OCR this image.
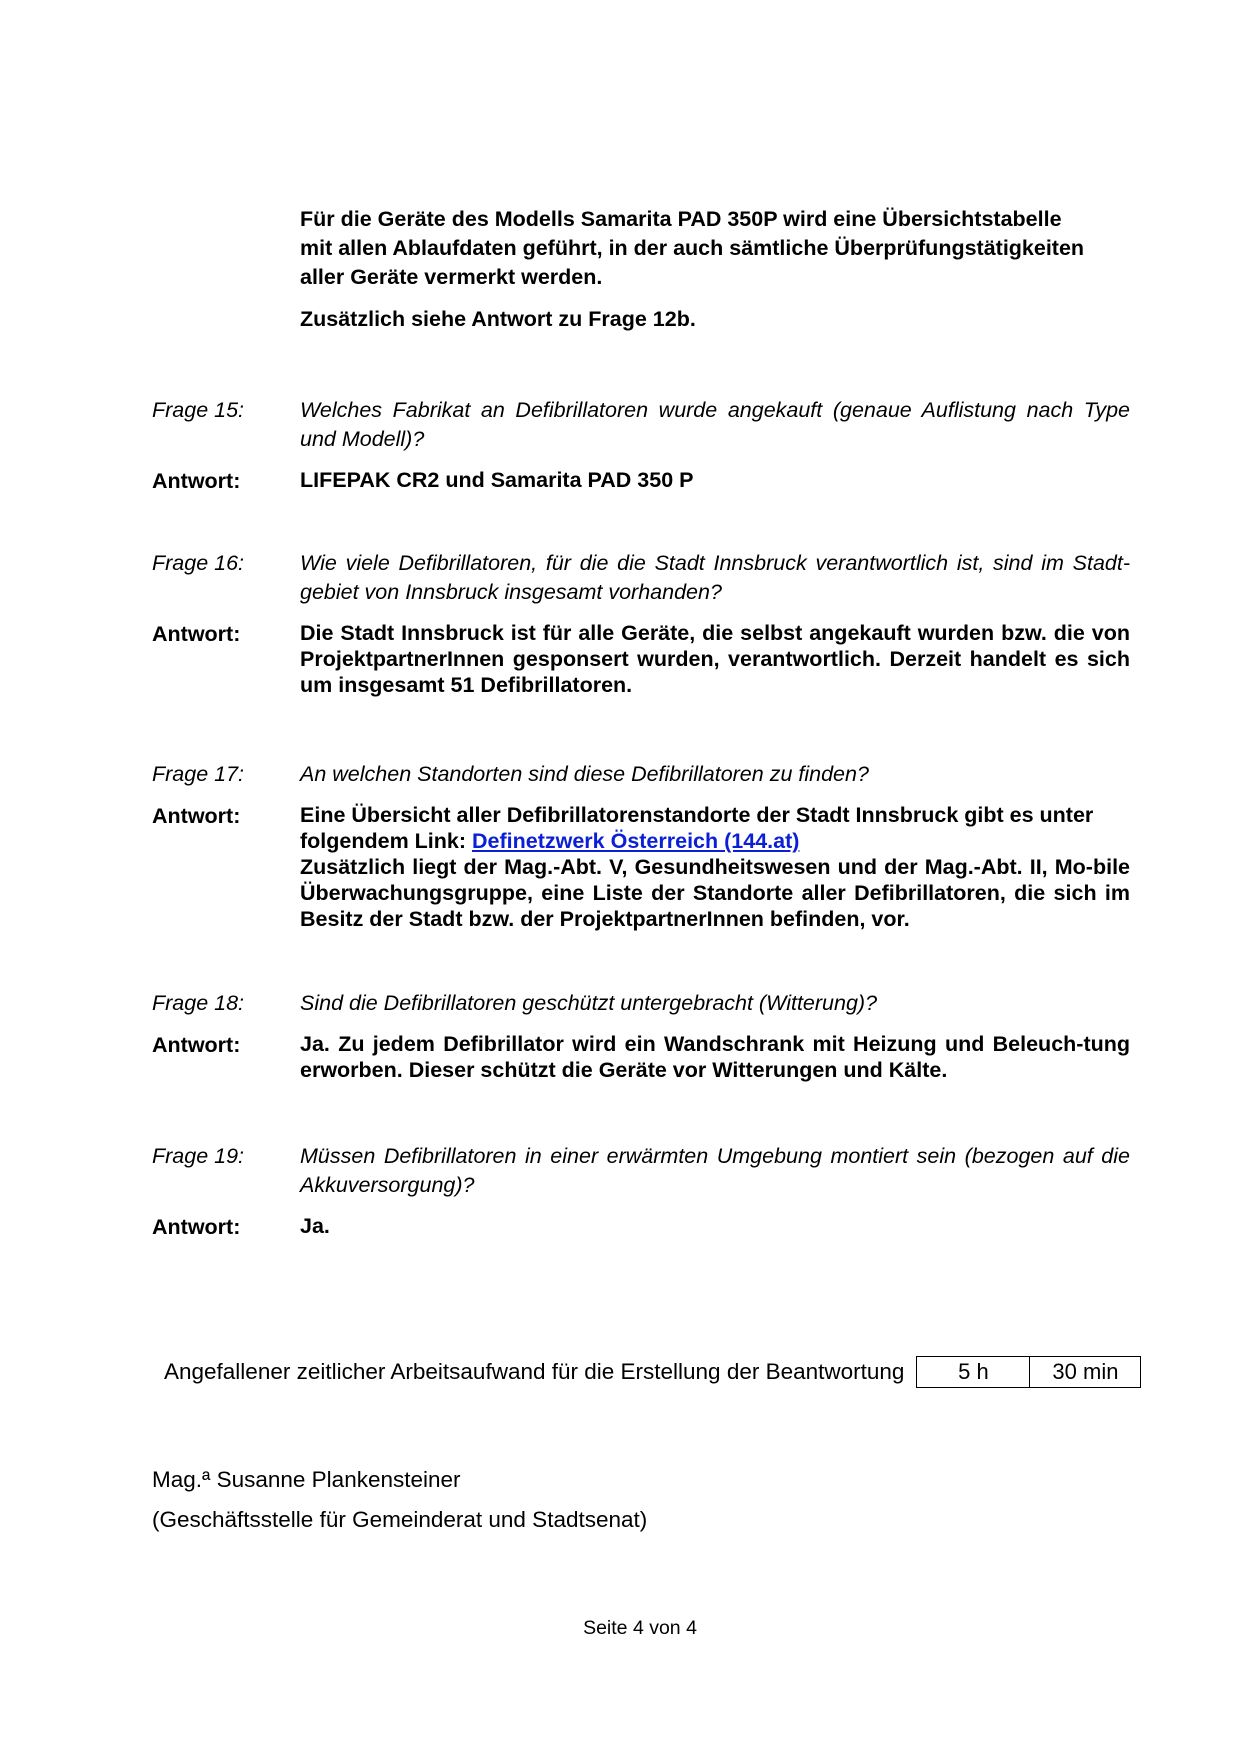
Für die Geräte des Modells Samarita PAD 350P wird eine Übersichtstabelle
mit allen Ablaufdaten geführt, in der auch sämtliche Überprüfungstätigkeiten
aller Geräte vermerkt werden.
Zusätzlich siehe Antwort zu Frage 12b.
Frage 15:	Welches Fabrikat an Defibrillatoren wurde angekauft (genaue Auflistung nach Type und Modell)?
Antwort:	LIFEPAK CR2 und Samarita PAD 350 P
Frage 16:	Wie viele Defibrillatoren, für die die Stadt Innsbruck verantwortlich ist, sind im Stadt-gebiet von Innsbruck insgesamt vorhanden?
Antwort:	Die Stadt Innsbruck ist für alle Geräte, die selbst angekauft wurden bzw. die von ProjektpartnerInnen gesponsert wurden, verantwortlich. Derzeit handelt es sich um insgesamt 51 Defibrillatoren.
Frage 17:	An welchen Standorten sind diese Defibrillatoren zu finden?
Antwort:	Eine Übersicht aller Defibrillatorenstandorte der Stadt Innsbruck gibt es unter
folgendem Link: Definetzwerk Österreich (144.at)
Zusätzlich liegt der Mag.-Abt. V, Gesundheitswesen und der Mag.-Abt. II, Mo-bile Überwachungsgruppe, eine Liste der Standorte aller Defibrillatoren, die sich im Besitz der Stadt bzw. der ProjektpartnerInnen befinden, vor.
Frage 18:	Sind die Defibrillatoren geschützt untergebracht (Witterung)?
Antwort:	Ja. Zu jedem Defibrillator wird ein Wandschrank mit Heizung und Beleuch-tung erworben. Dieser schützt die Geräte vor Witterungen und Kälte.
Frage 19:	Müssen Defibrillatoren in einer erwärmten Umgebung montiert sein (bezogen auf die Akkuversorgung)?
Antwort:	Ja.
Angefallener zeitlicher Arbeitsaufwand für die Erstellung der Beantwortung	5 h	30 min
Mag.ª Susanne Plankensteiner
(Geschäftsstelle für Gemeinderat und Stadtsenat)
Seite 4 von 4
